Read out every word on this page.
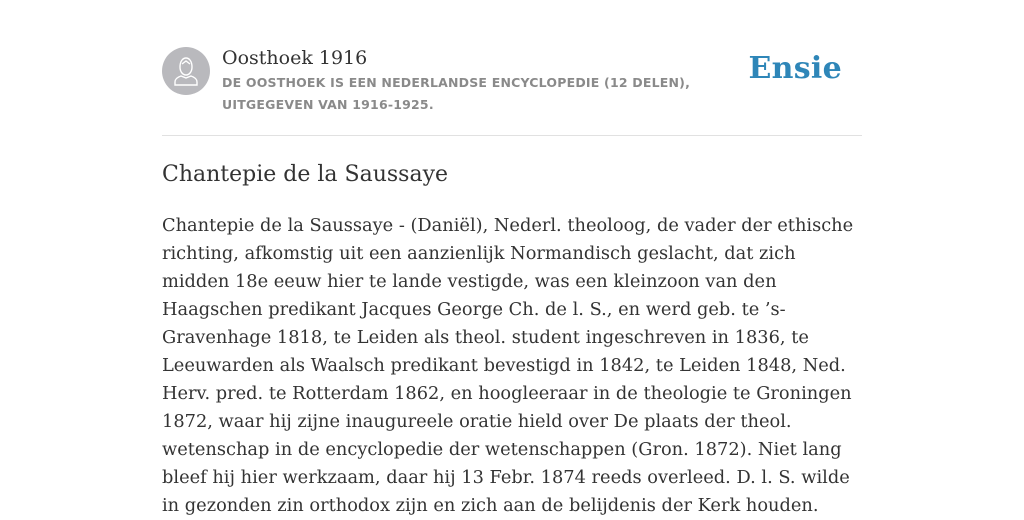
Oosthoek 1916
DE OOSTHOEK IS EEN NEDERLANDSE ENCYCLOPEDIE (12 DELEN), UITGEGEVEN VAN 1916-1925.
Ensie
Chantepie de la Saussaye

Chantepie de la Saussaye - (Daniël), Nederl. theoloog, de vader der ethische richting, afkomstig uit een aanzienlijk Normandisch geslacht, dat zich midden 18e eeuw hier te lande vestigde, was een kleinzoon van den Haagschen predikant Jacques George Ch. de l. S., en werd geb. te ’s-Gravenhage 1818, te Leiden als theol. student ingeschreven in 1836, te Leeuwarden als Waalsch predikant bevestigd in 1842, te Leiden 1848, Ned. Herv. pred. te Rotterdam 1862, en hoogleeraar in de theologie te Groningen 1872, waar hij zijne inaugureele oratie hield over De plaats der theol. wetenschap in de encyclopedie der wetenschappen (Gron. 1872). Niet lang bleef hij hier werkzaam, daar hij 13 Febr. 1874 reeds overleed. D. l. S. wilde in gezonden zin orthodox zijn en zich aan de belijdenis der Kerk houden.
